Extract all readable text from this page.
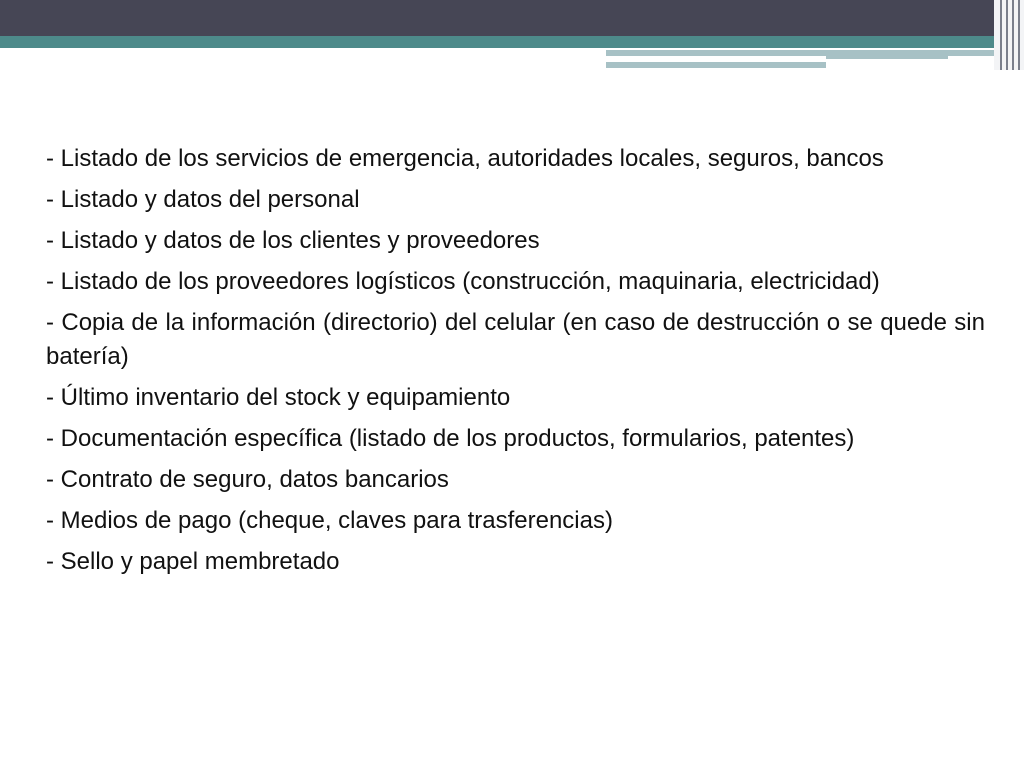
- Listado de los servicios de emergencia, autoridades locales, seguros, bancos
- Listado y datos del personal
- Listado y datos de los clientes y proveedores
- Listado de los proveedores logísticos (construcción, maquinaria, electricidad)
- Copia de la información (directorio) del celular (en caso de destrucción o se quede sin batería)
- Último inventario del stock y equipamiento
- Documentación específica (listado de los productos, formularios, patentes)
- Contrato de seguro, datos bancarios
- Medios de pago (cheque, claves para trasferencias)
- Sello y papel membretado
